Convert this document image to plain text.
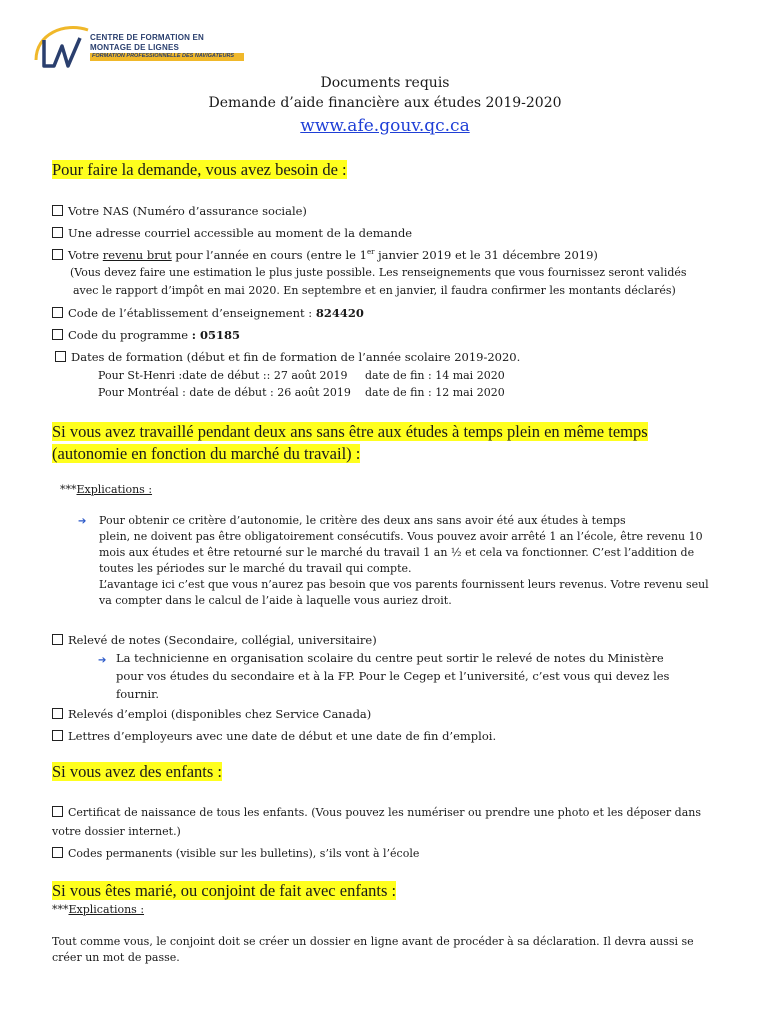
CENTRE DE FORMATION EN
MONTAGE DE LIGNES
FORMATION PROFESSIONNELLE DES NAVIGATEURS
Documents requis
Demande d’aide financière aux études 2019-2020
www.afe.gouv.qc.ca
Pour faire la demande, vous avez besoin de :
Votre NAS (Numéro d’assurance sociale)
Une adresse courriel accessible au moment de la demande
Votre revenu brut pour l’année en cours (entre le 1er janvier 2019 et le 31 décembre 2019)
(Vous devez faire une estimation le plus juste possible. Les renseignements que vous fournissez seront validés
avec le rapport d’impôt en mai 2020. En septembre et en janvier, il faudra confirmer les montants déclarés)
Code de l’établissement d’enseignement : 824420
Code du programme : 05185
Dates de formation (début et fin de formation de l’année scolaire 2019-2020.
Pour St-Henri :date de début :: 27 août 2019 date de fin : 14 mai 2020
Pour Montréal : date de début : 26 août 2019 date de fin : 12 mai 2020
Si vous avez travaillé pendant deux ans sans être aux études à temps plein en même temps
(autonomie en fonction du marché du travail) :
***Explications :
➔ Pour obtenir ce critère d’autonomie, le critère des deux ans sans avoir été aux études à temps
plein, ne doivent pas être obligatoirement consécutifs. Vous pouvez avoir arrêté 1 an l’école, être revenu 10
mois aux études et être retourné sur le marché du travail 1 an ½ et cela va fonctionner. C’est l’addition de
toutes les périodes sur le marché du travail qui compte.
L’avantage ici c’est que vous n’aurez pas besoin que vos parents fournissent leurs revenus. Votre revenu seul
va compter dans le calcul de l’aide à laquelle vous auriez droit.
Relevé de notes (Secondaire, collégial, universitaire)
➔ La technicienne en organisation scolaire du centre peut sortir le relevé de notes du Ministère
pour vos études du secondaire et à la FP. Pour le Cegep et l’université, c’est vous qui devez les
fournir.
Relevés d’emploi (disponibles chez Service Canada)
Lettres d’employeurs avec une date de début et une date de fin d’emploi.
Si vous avez des enfants :
Certificat de naissance de tous les enfants. (Vous pouvez les numériser ou prendre une photo et les déposer dans
votre dossier internet.)
Codes permanents (visible sur les bulletins), s’ils vont à l’école
Si vous êtes marié, ou conjoint de fait avec enfants :
***Explications :
Tout comme vous, le conjoint doit se créer un dossier en ligne avant de procéder à sa déclaration. Il devra aussi se
créer un mot de passe.
